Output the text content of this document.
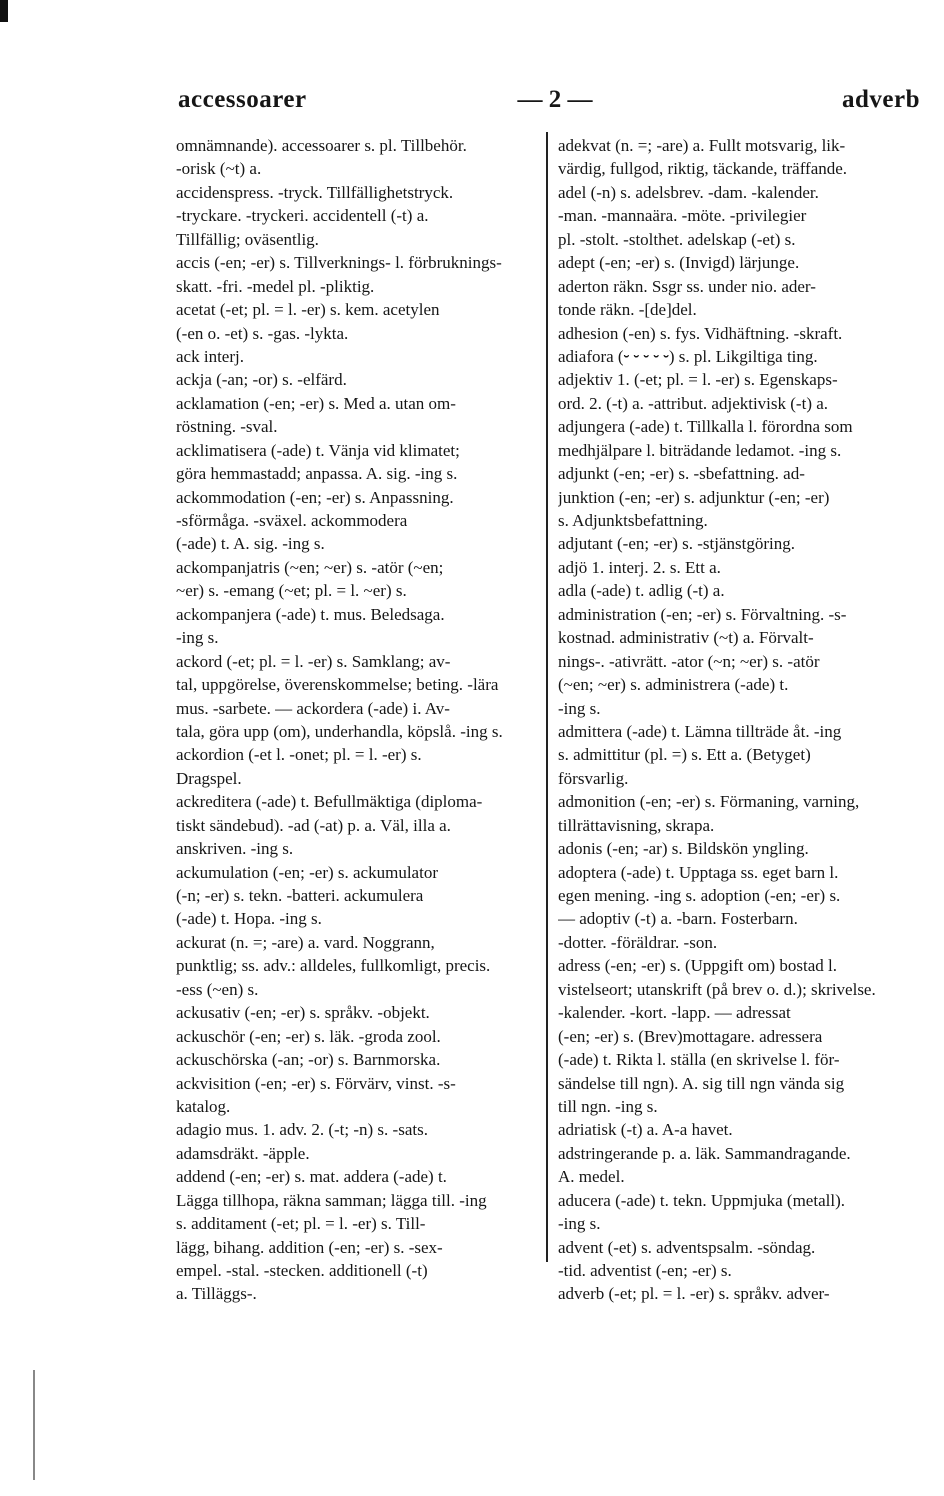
accessoarer	— 2 —	adverb
omnämnande). accessoarer s. pl. Tillbehör.
-orisk (~t) a.
accidenspress. -tryck. Tillfällighetstryck.
-tryckare. -tryckeri. accidentell (-t) a.
Tillfällig; oväsentlig.
accis (-en; -er) s. Tillverknings- l. förbruknings-
skatt. -fri. -medel pl. -pliktig.
acetat (-et; pl. = l. -er) s. kem. acetylen
(-en o. -et) s. -gas. -lykta.
ack interj.
ackja (-an; -or) s. -elfärd.
acklamation (-en; -er) s. Med a. utan om-
röstning. -sval.
acklimatisera (-ade) t. Vänja vid klimatet;
göra hemmastadd; anpassa. A. sig. -ing s.
ackommodation (-en; -er) s. Anpassning.
-sförmåga. -sväxel. ackommodera
(-ade) t. A. sig. -ing s.
ackompanjatris (~en; ~er) s. -atör (~en;
~er) s. -emang (~et; pl. = l. ~er) s.
ackompanjera (-ade) t. mus. Beledsaga.
-ing s.
ackord (-et; pl. = l. -er) s. Samklang; av-
tal, uppgörelse, överenskommelse; beting. -lära
mus. -sarbete. — ackordera (-ade) i. Av-
tala, göra upp (om), underhandla, köpslå. -ing s.
ackordion (-et l. -onet; pl. = l. -er) s.
Dragspel.
ackreditera (-ade) t. Befullmäktiga (diploma-
tiskt sändebud). -ad (-at) p. a. Väl, illa a.
anskriven. -ing s.
ackumulation (-en; -er) s. ackumulator
(-n; -er) s. tekn. -batteri. ackumulera
(-ade) t. Hopa. -ing s.
ackurat (n. =; -are) a. vard. Noggrann,
punktlig; ss. adv.: alldeles, fullkomligt, precis.
-ess (~en) s.
ackusativ (-en; -er) s. språkv. -objekt.
ackuschör (-en; -er) s. läk. -groda zool.
ackuschörska (-an; -or) s. Barnmorska.
ackvisition (-en; -er) s. Förvärv, vinst. -s-
katalog.
adagio mus. 1. adv. 2. (-t; -n) s. -sats.
adamsdräkt. -äpple.
addend (-en; -er) s. mat. addera (-ade) t.
Lägga tillhopa, räkna samman; lägga till. -ing
s. additament (-et; pl. = l. -er) s. Till-
lägg, bihang. addition (-en; -er) s. -sex-
empel. -stal. -stecken. additionell (-t)
a. Tilläggs-.
adekvat (n. =; -are) a. Fullt motsvarig, lik-
värdig, fullgod, riktig, täckande, träffande.
adel (-n) s. adelsbrev. -dam. -kalender.
-man. -mannaära. -möte. -privilegier
pl. -stolt. -stolthet. adelskap (-et) s.
adept (-en; -er) s. (Invigd) lärjunge.
aderton räkn. Ssgr ss. under nio. ader-
tonde räkn. -[de]del.
adhesion (-en) s. fys. Vidhäftning. -skraft.
adiafora (⏑ ⏑ ⏑ ⏑ ⏑) s. pl. Likgiltiga ting.
adjektiv 1. (-et; pl. = l. -er) s. Egenskaps-
ord. 2. (-t) a. -attribut. adjektivisk (-t) a.
adjungera (-ade) t. Tillkalla l. förordna som
medhjälpare l. biträdande ledamot. -ing s.
adjunkt (-en; -er) s. -sbefattning. ad-
junktion (-en; -er) s. adjunktur (-en; -er)
s. Adjunktsbefattning.
adjutant (-en; -er) s. -stjänstgöring.
adjö 1. interj. 2. s. Ett a.
adla (-ade) t. adlig (-t) a.
administration (-en; -er) s. Förvaltning. -s-
kostnad. administrativ (~t) a. Förvalt-
nings-. -ativrätt. -ator (~n; ~er) s. -atör
(~en; ~er) s. administrera (-ade) t.
-ing s.
admittera (-ade) t. Lämna tillträde åt. -ing
s. admittitur (pl. =) s. Ett a. (Betyget)
försvarlig.
admonition (-en; -er) s. Förmaning, varning,
tillrättavisning, skrapa.
adonis (-en; -ar) s. Bildskön yngling.
adoptera (-ade) t. Upptaga ss. eget barn l.
egen mening. -ing s. adoption (-en; -er) s.
— adoptiv (-t) a. -barn. Fosterbarn.
-dotter. -föräldrar. -son.
adress (-en; -er) s. (Uppgift om) bostad l.
vistelseort; utanskrift (på brev o. d.); skrivelse.
-kalender. -kort. -lapp. — adressat
(-en; -er) s. (Brev)mottagare. adressera
(-ade) t. Rikta l. ställa (en skrivelse l. för-
sändelse till ngn). A. sig till ngn vända sig
till ngn. -ing s.
adriatisk (-t) a. A-a havet.
adstringerande p. a. läk. Sammandragande.
A. medel.
aducera (-ade) t. tekn. Uppmjuka (metall).
-ing s.
advent (-et) s. adventspsalm. -söndag.
-tid. adventist (-en; -er) s.
adverb (-et; pl. = l. -er) s. språkv. adver-
